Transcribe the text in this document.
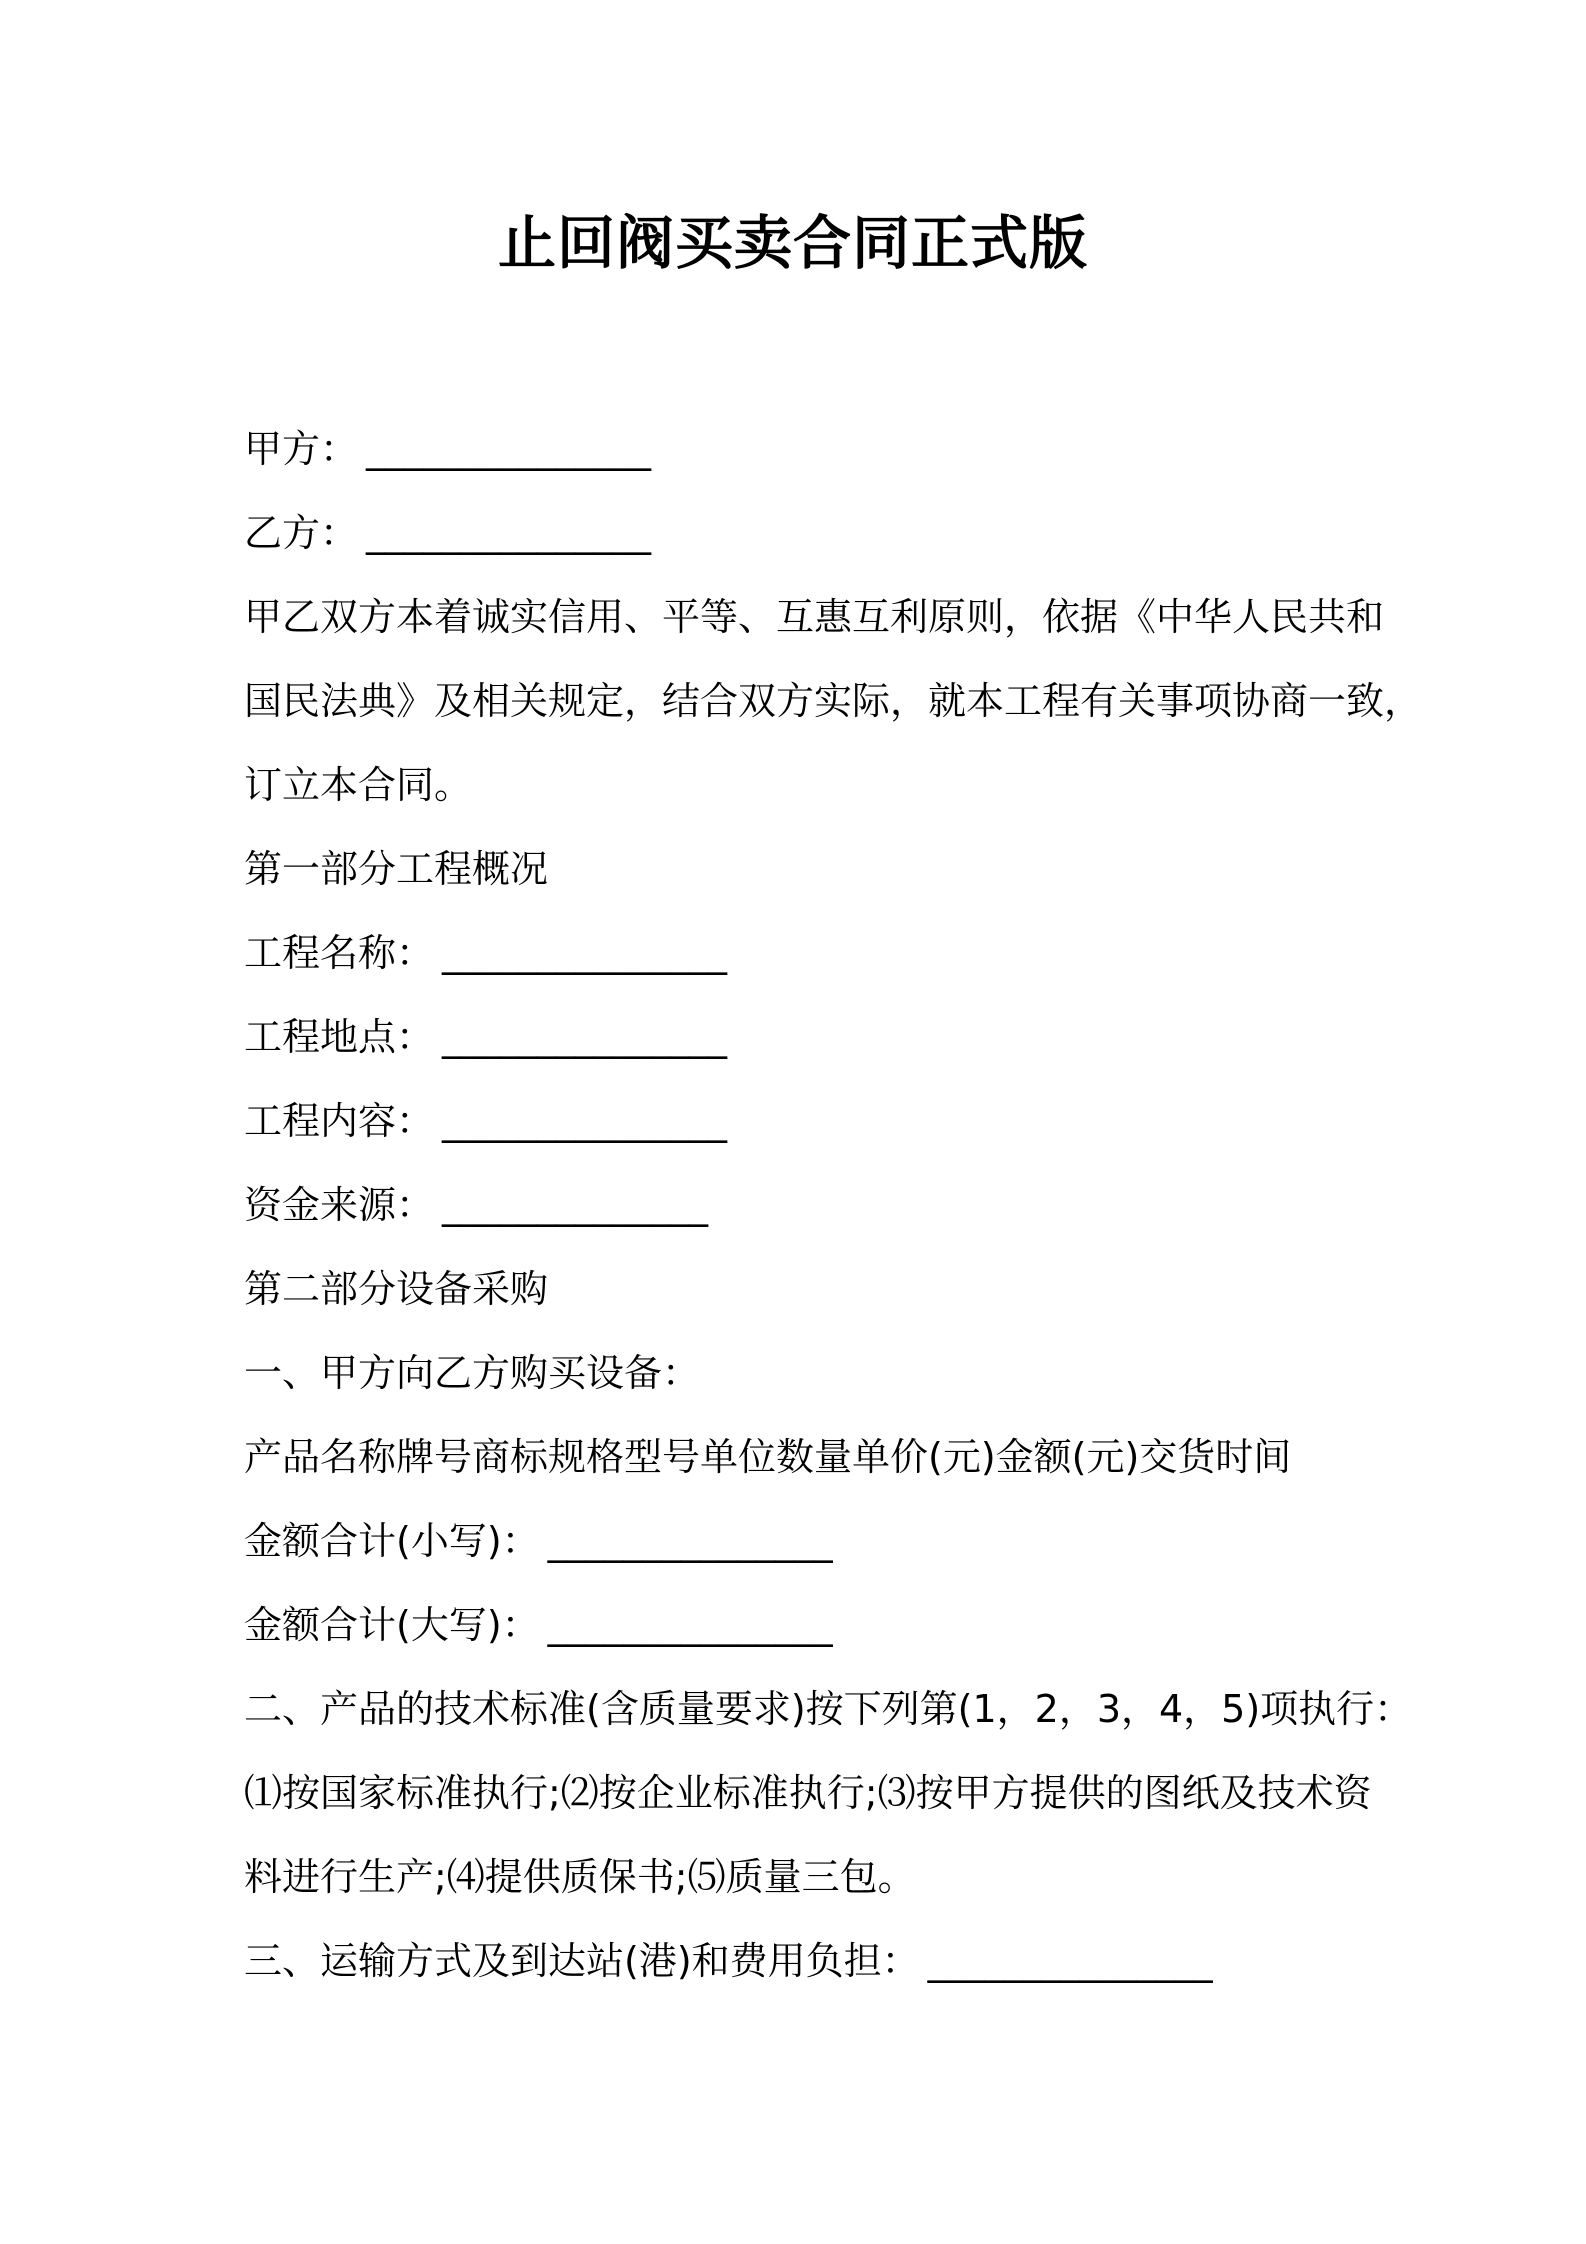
止回阀买卖合同正式版
甲方： _______________
乙方： _______________
甲乙双方本着诚实信用、平等、互惠互利原则，依据《中华人民共和
国民法典》及相关规定，结合双方实际，就本工程有关事项协商一致，
订立本合同。
第一部分工程概况
工程名称： _______________
工程地点： _______________
工程内容： _______________
资金来源： ______________
第二部分设备采购
一、甲方向乙方购买设备：
产品名称牌号商标规格型号单位数量单价(元)金额(元)交货时间
金额合计(小写)： _______________
金额合计(大写)： _______________
二、产品的技术标准(含质量要求)按下列第(1，2，3，4，5)项执行：
⑴按国家标准执行;⑵按企业标准执行;⑶按甲方提供的图纸及技术资
料进行生产;⑷提供质保书;⑸质量三包。
三、运输方式及到达站(港)和费用负担： _______________
